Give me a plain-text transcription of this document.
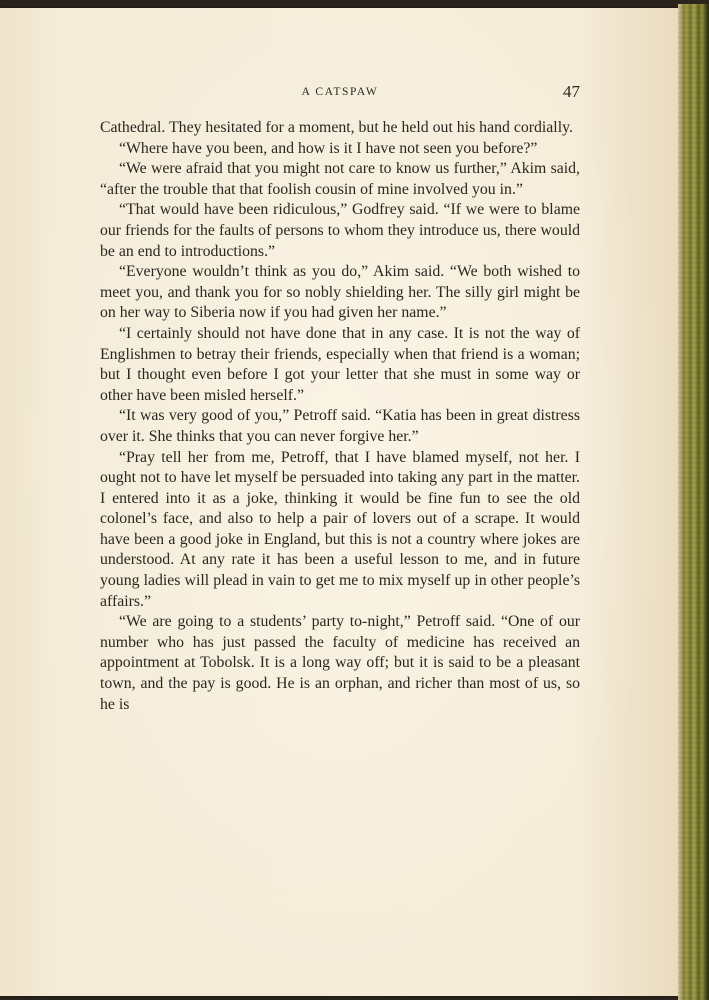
A CATSPAW	47

Cathedral. They hesitated for a moment, but he held out his hand cordially.

“Where have you been, and how is it I have not seen you before?”

“We were afraid that you might not care to know us further,” Akim said, “after the trouble that that foolish cousin of mine involved you in.”

“That would have been ridiculous,” Godfrey said. “If we were to blame our friends for the faults of persons to whom they introduce us, there would be an end to introductions.”

“Everyone wouldn’t think as you do,” Akim said. “We both wished to meet you, and thank you for so nobly shielding her. The silly girl might be on her way to Siberia now if you had given her name.”

“I certainly should not have done that in any case. It is not the way of Englishmen to betray their friends, especially when that friend is a woman; but I thought even before I got your letter that she must in some way or other have been misled herself.”

“It was very good of you,” Petroff said. “Katia has been in great distress over it. She thinks that you can never forgive her.”

“Pray tell her from me, Petroff, that I have blamed myself, not her. I ought not to have let myself be persuaded into taking any part in the matter. I entered into it as a joke, thinking it would be fine fun to see the old colonel’s face, and also to help a pair of lovers out of a scrape. It would have been a good joke in England, but this is not a country where jokes are understood. At any rate it has been a useful lesson to me, and in future young ladies will plead in vain to get me to mix myself up in other people’s affairs.”

“We are going to a students’ party to-night,” Petroff said. “One of our number who has just passed the faculty of medicine has received an appointment at Tobolsk. It is a long way off; but it is said to be a pleasant town, and the pay is good. He is an orphan, and richer than most of us, so he is
